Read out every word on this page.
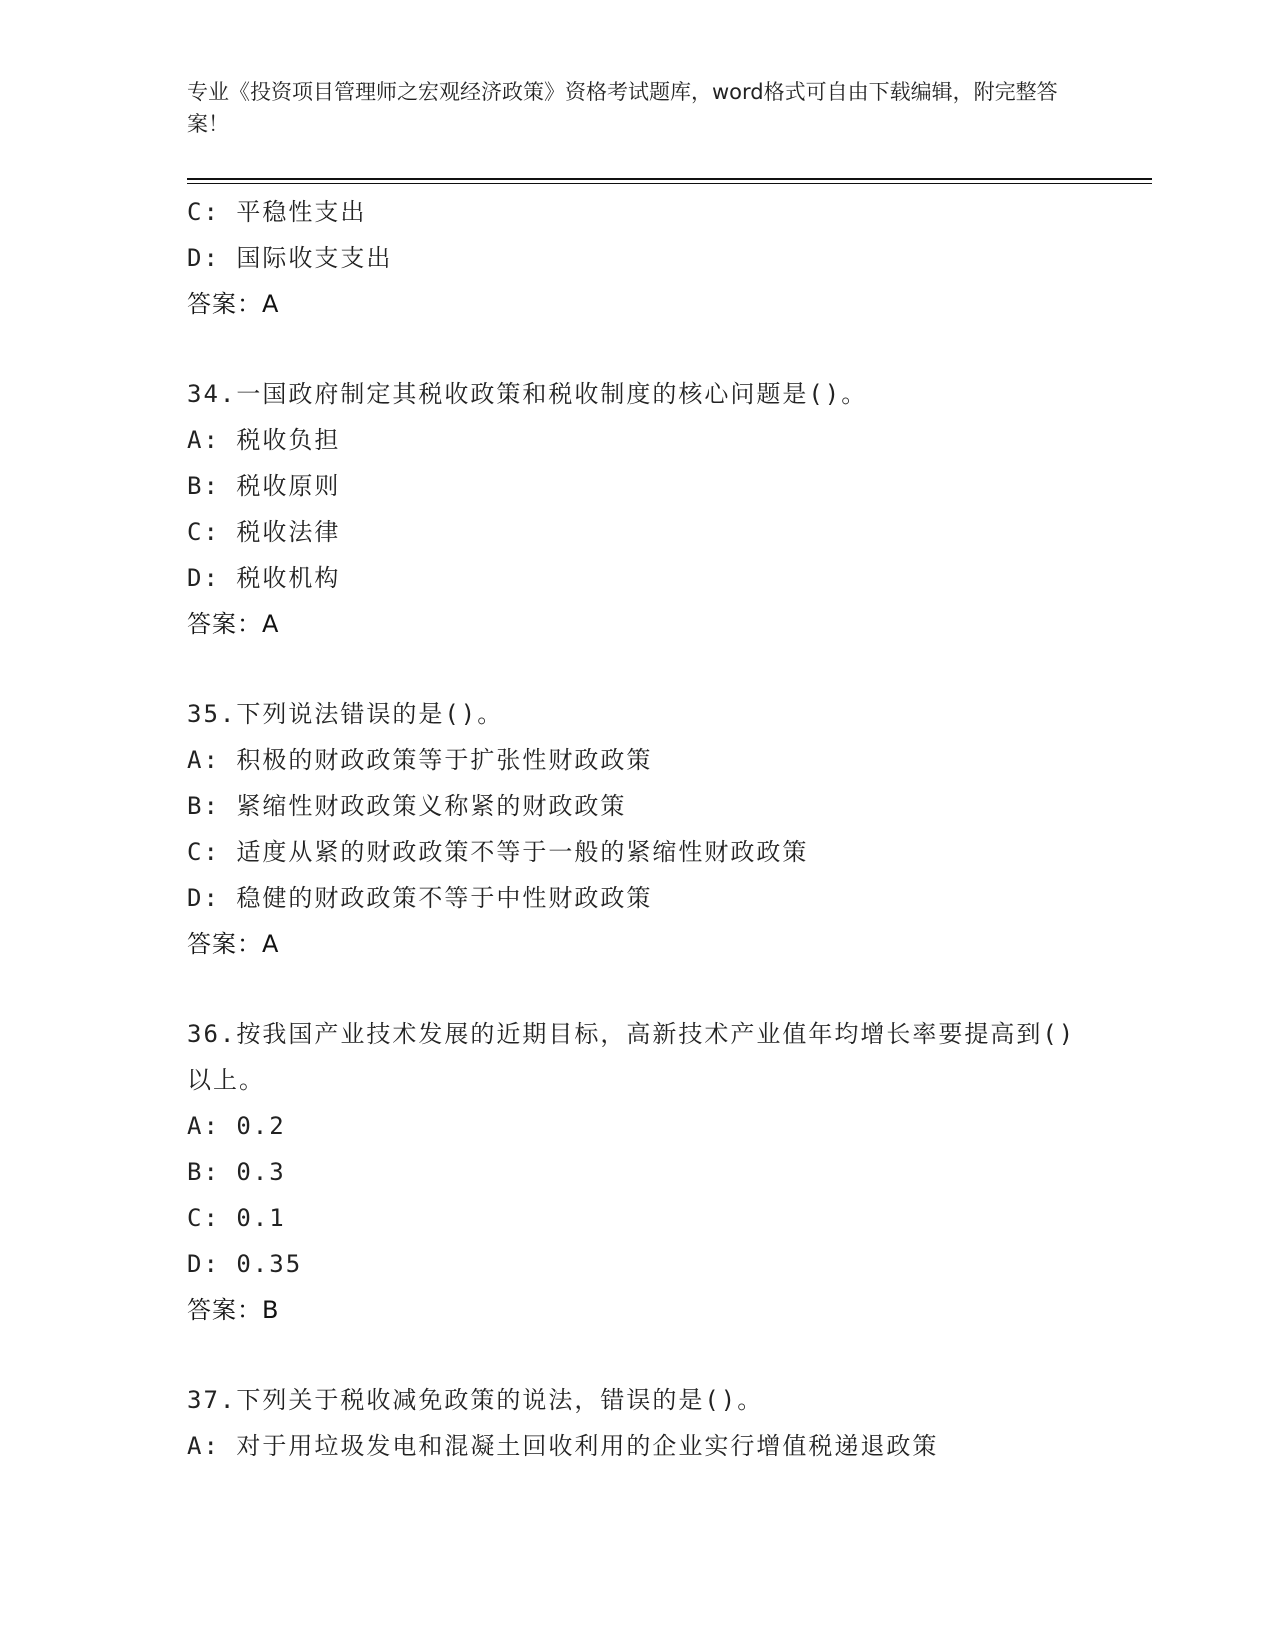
专业《投资项目管理师之宏观经济政策》资格考试题库，word格式可自由下载编辑，附完整答案！
C: 平稳性支出
D: 国际收支支出
答案：A
34.一国政府制定其税收政策和税收制度的核心问题是()。
A: 税收负担
B: 税收原则
C: 税收法律
D: 税收机构
答案：A
35.下列说法错误的是()。
A: 积极的财政政策等于扩张性财政政策
B: 紧缩性财政政策义称紧的财政政策
C: 适度从紧的财政政策不等于一般的紧缩性财政政策
D: 稳健的财政政策不等于中性财政政策
答案：A
36.按我国产业技术发展的近期目标，高新技术产业值年均增长率要提高到()以上。
A: 0.2
B: 0.3
C: 0.1
D: 0.35
答案：B
37.下列关于税收减免政策的说法，错误的是()。
A: 对于用垃圾发电和混凝土回收利用的企业实行增值税递退政策
